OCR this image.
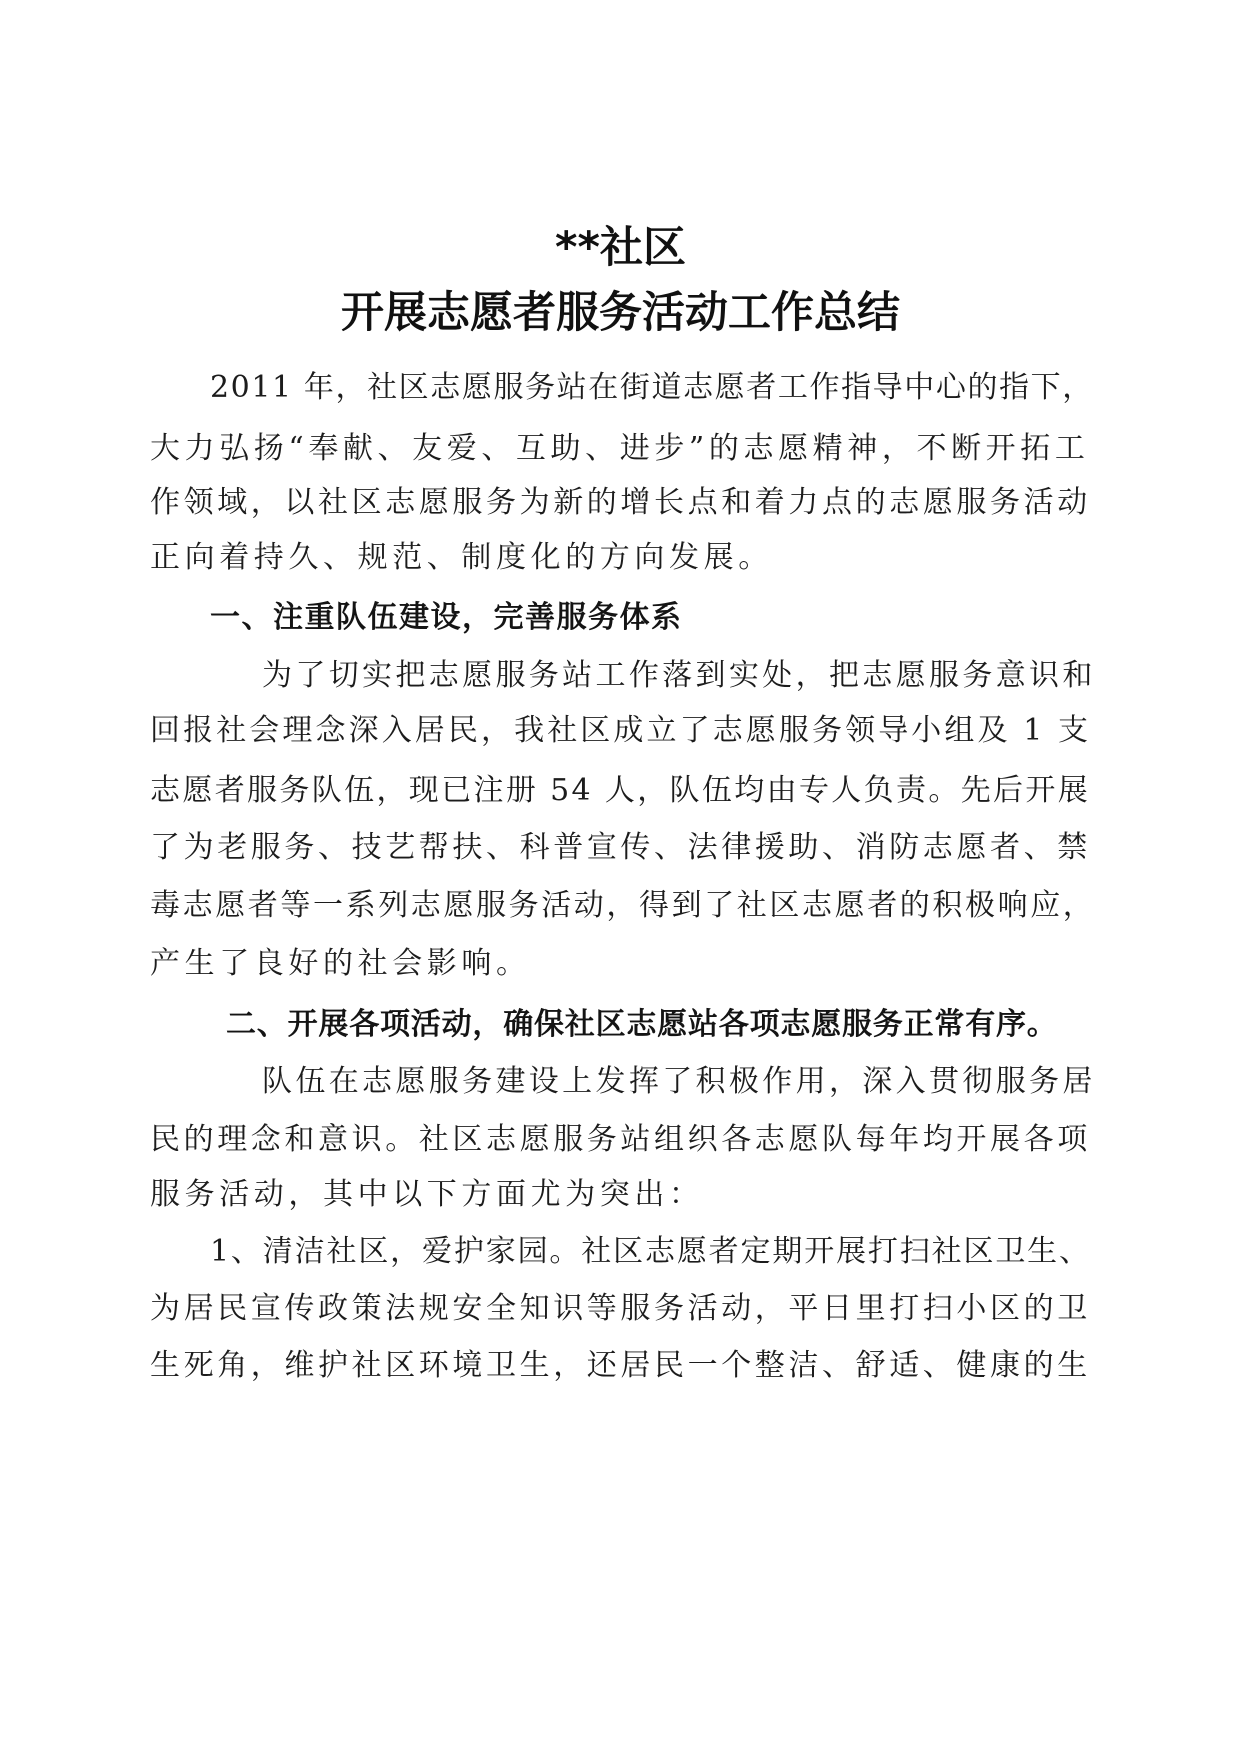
**社区
开展志愿者服务活动工作总结
2011 年，社区志愿服务站在街道志愿者工作指导中心的指下，
大力弘扬“奉献、友爱、互助、进步”的志愿精神，不断开拓工
作领域，以社区志愿服务为新的增长点和着力点的志愿服务活动
正向着持久、规范、制度化的方向发展。
一、注重队伍建设，完善服务体系
为了切实把志愿服务站工作落到实处，把志愿服务意识和
回报社会理念深入居民，我社区成立了志愿服务领导小组及 1 支
志愿者服务队伍，现已注册 54 人，队伍均由专人负责。先后开展
了为老服务、技艺帮扶、科普宣传、法律援助、消防志愿者、禁
毒志愿者等一系列志愿服务活动，得到了社区志愿者的积极响应，
产生了良好的社会影响。
二、开展各项活动，确保社区志愿站各项志愿服务正常有序。
队伍在志愿服务建设上发挥了积极作用，深入贯彻服务居
民的理念和意识。社区志愿服务站组织各志愿队每年均开展各项
服务活动，其中以下方面尤为突出：
1、清洁社区，爱护家园。社区志愿者定期开展打扫社区卫生、
为居民宣传政策法规安全知识等服务活动，平日里打扫小区的卫
生死角，维护社区环境卫生，还居民一个整洁、舒适、健康的生
